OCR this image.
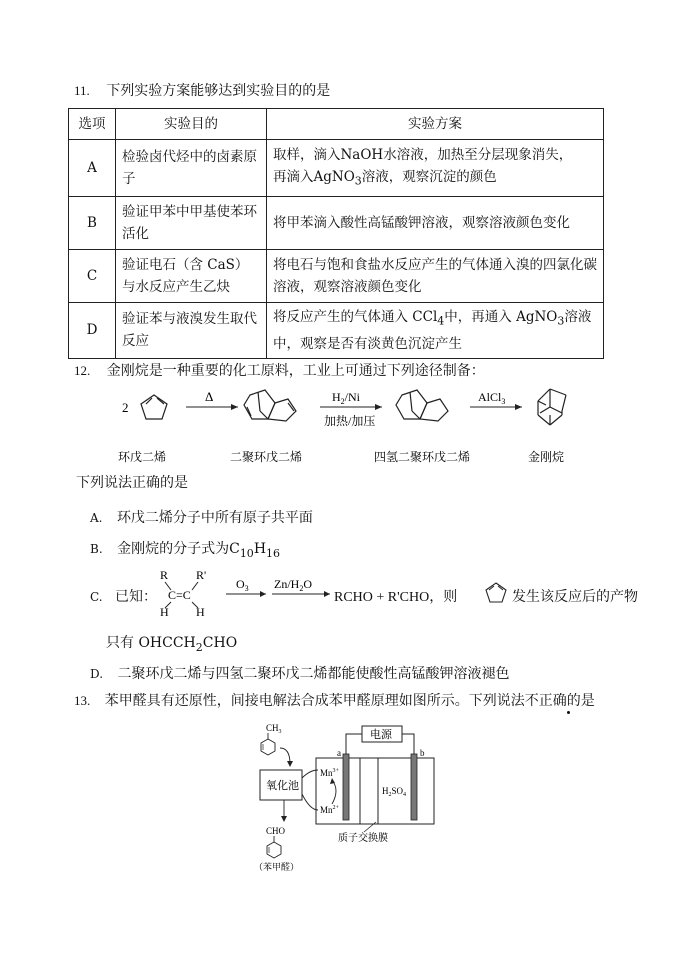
11. 下列实验方案能够达到实验目的的是
选项	实验目的	实验方案
A	检验卤代烃中的卤素原子	取样，滴入NaOH水溶液，加热至分层现象消失，
再滴入AgNO$_3$溶液，观察沉淀的颜色
B	验证甲苯中甲基使苯环活化	将甲苯滴入酸性高锰酸钾溶液，观察溶液颜色变化
C	验证电石（含 CaS）与水反应产生乙炔	将电石与饱和食盐水反应产生的气体通入溴的四氯化碳溶液，观察溶液颜色变化
D	验证苯与液溴发生取代反应	将反应产生的气体通入 CCl$_4$中，再通入 AgNO$_3$溶液中，观察是否有淡黄色沉淀产生
12. 金刚烷是一种重要的化工原料，工业上可通过下列途径制备：
2
Δ	$H_2/Ni$
加热/加压
AlCl$_3$
环戊二烯	二聚环戊二烯	四氢二聚环戊二烯	金刚烷
下列说法正确的是
A. 环戊二烯分子中所有原子共平面
B. 金刚烷的分子式为$C_{10}H_{16}$
C. 已知：
R R'
C=C
H H
$O_3$ $Zn/H_2O$
RCHO + R'CHO，则	发生该反应后的产物
只有 $OHCCH_2CHO$
D. 二聚环戊二烯与四氢二聚环戊二烯都能使酸性高锰酸钾溶液褪色
13. 苯甲醛具有还原性，间接电解法合成苯甲醛原理如图所示。下列说法不正确的是
$CH_3$
氧化池
电源
a	b
$Mn^{3+}$
$Mn^{2+}$
$H_2SO_4$
质子交换膜
CHO
（苯甲醛）
